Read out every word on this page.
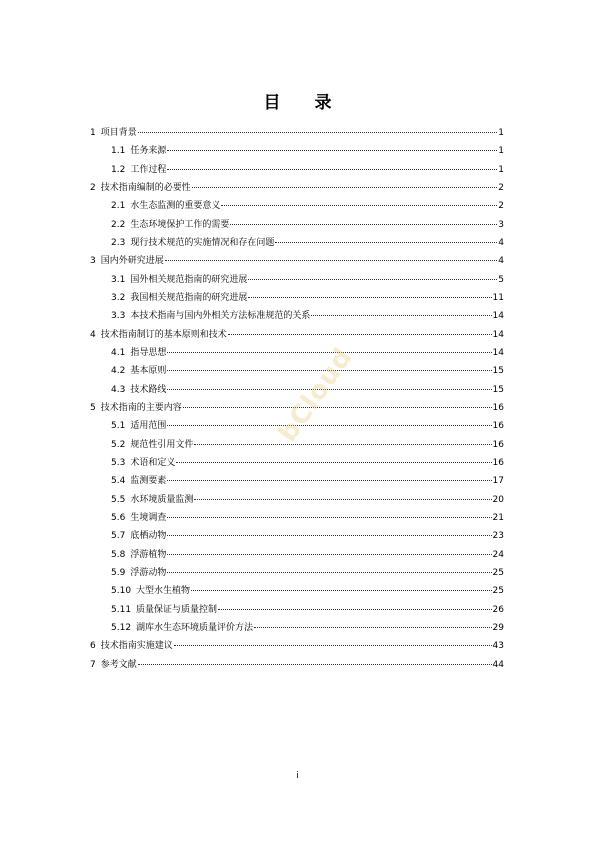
目 录
1 项目背景	1
1.1 任务来源	1
1.2 工作过程	1
2 技术指南编制的必要性	2
2.1 水生态监测的重要意义	2
2.2 生态环境保护工作的需要	3
2.3 现行技术规范的实施情况和存在问题	4
3 国内外研究进展	4
3.1 国外相关规范指南的研究进展	5
3.2 我国相关规范指南的研究进展	11
3.3 本技术指南与国内外相关方法标准规范的关系	14
4 技术指南制订的基本原则和技术	14
4.1 指导思想	14
4.2 基本原则	15
4.3 技术路线	15
5 技术指南的主要内容	16
5.1 适用范围	16
5.2 规范性引用文件	16
5.3 术语和定义	16
5.4 监测要素	17
5.5 水环境质量监测	20
5.6 生境调查	21
5.7 底栖动物	23
5.8 浮游植物	24
5.9 浮游动物	25
5.10 大型水生植物	25
5.11 质量保证与质量控制	26
5.12 湖库水生态环境质量评价方法	29
6 技术指南实施建议	43
7 参考文献	44
bCloud
i
